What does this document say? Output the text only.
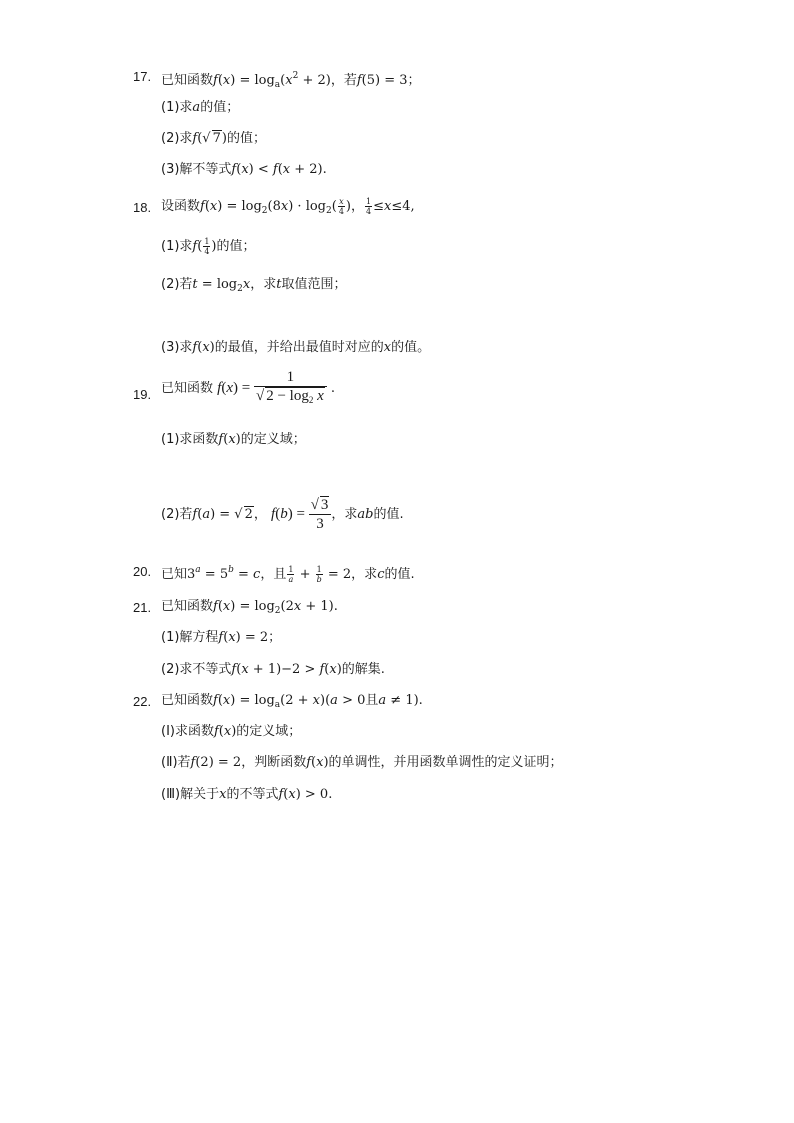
17. 已知函数$f(x) = \log_a(x^2 + 2)$，若f(5) = 3；
(1)求a的值；
(2)求f(√ 7)的值；
(3)解不等式f(x) < f(x + 2).
18. 设函数$f(x) = \log_2(8x) \cdot \log_2( \frac{x}{4}$ )， $\frac{1}{4} \le x\le 4$,
(1)求$f( \frac{1}{4}$ )的值；
(2)若$t = \log_2x$，求t取值范围；
(3)求f(x)的最值，并给出最值时对应的x的值。
19. 已知函数 $f(x) = \frac{1}{√ 2 - \log_2 x}$ .
(1)求函数f(x)的定义域；
(2)若f(a) = √ 2， $f(b) = \frac{√ 3}{3}$ ，求ab的值.
20. 已知$3^a = 5^b = c$，且 $\frac{1}{a} + \frac{1}{b} = 2$，求c的值.
21. 已知函数$f(x) = \log_2(2x + 1)$.
(1)解方程f(x) = 2；
(2)求不等式f(x + 1)−2 > f(x)的解集.
22. 已知函数$f(x) = \log_a(2 + x)(a > 0$且a ≠ 1).
(Ⅰ)求函数f(x)的定义域；
(Ⅱ)若f(2) = 2，判断函数f(x)的单调性，并用函数单调性的定义证明；
(Ⅲ)解关于x的不等式f(x) > 0.
